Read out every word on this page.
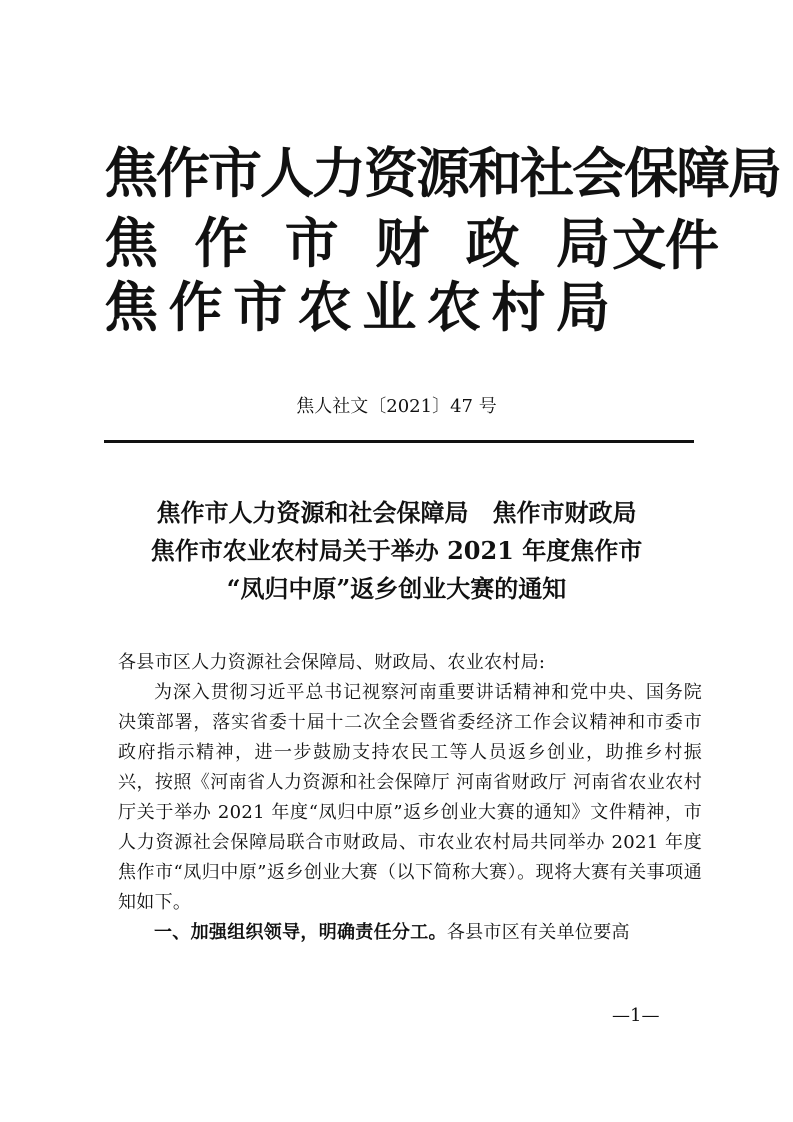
焦作市人力资源和社会保障局
焦 作 市 财 政 局
焦 作 市 农 业 农 村 局
文件
焦人社文〔2021〕47 号
焦作市人力资源和社会保障局　焦作市财政局
焦作市农业农村局关于举办 2021 年度焦作市
“凤归中原”返乡创业大赛的通知
各县市区人力资源社会保障局、财政局、农业农村局:

为深入贯彻习近平总书记视察河南重要讲话精神和党中央、国务院决策部署，落实省委十届十二次全会暨省委经济工作会议精神和市委市政府指示精神，进一步鼓励支持农民工等人员返乡创业，助推乡村振兴，按照《河南省人力资源和社会保障厅 河南省财政厅 河南省农业农村厅关于举办 2021 年度“凤归中原”返乡创业大赛的通知》文件精神，市人力资源社会保障局联合市财政局、市农业农村局共同举办 2021 年度焦作市“凤归中原”返乡创业大赛（以下简称大赛）。现将大赛有关事项通知如下。

一、加强组织领导，明确责任分工。各县市区有关单位要高
—1—
